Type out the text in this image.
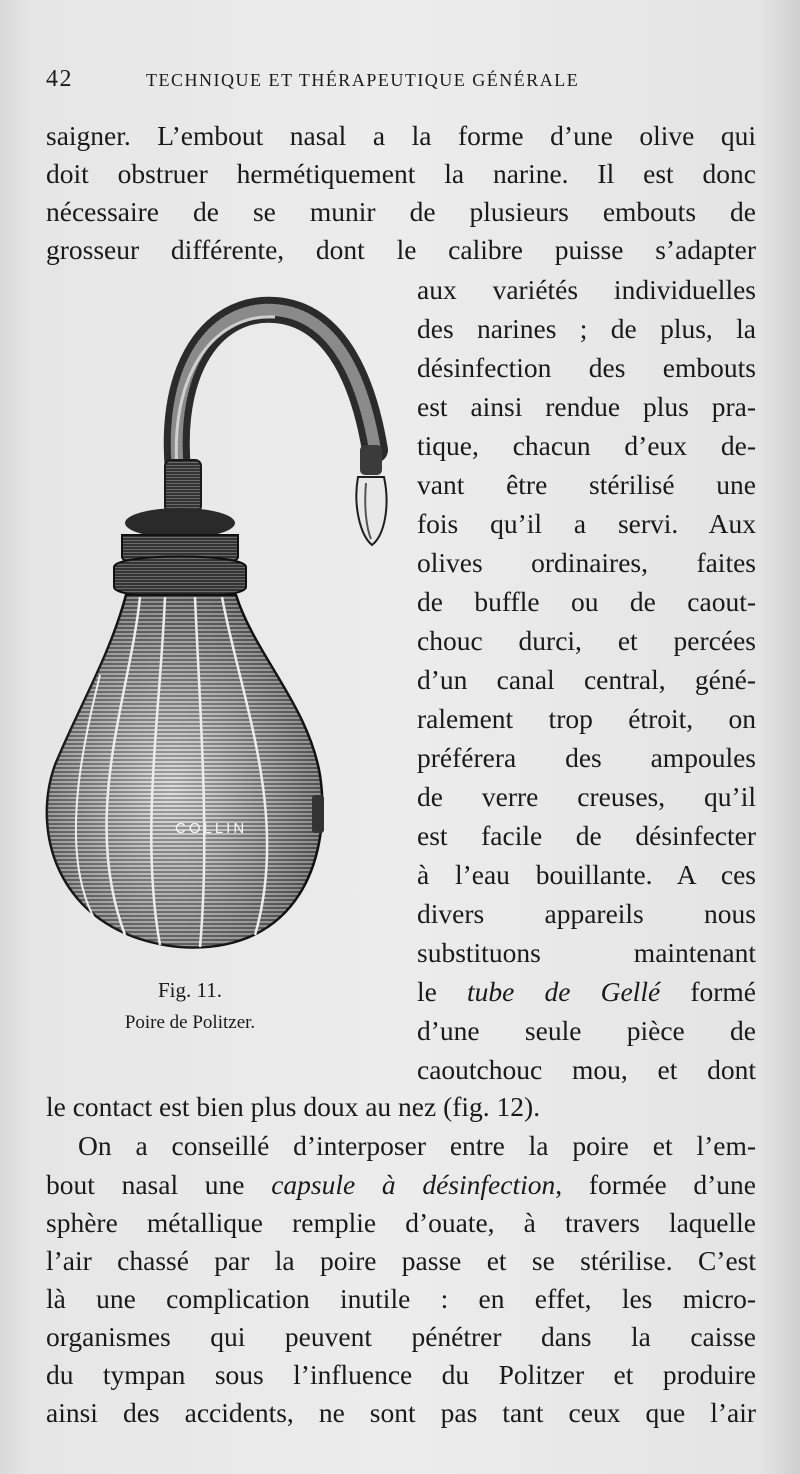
42	TECHNIQUE ET THÉRAPEUTIQUE GÉNÉRALE
saigner. L’embout nasal a la forme d’une olive qui
doit obstruer hermétiquement la narine. Il est donc
nécessaire de se munir de plusieurs embouts de
grosseur différente, dont le calibre puisse s’adapter
aux variétés individuelles
des narines ; de plus, la
désinfection des embouts
est ainsi rendue plus pra-
tique, chacun d’eux de-
vant être stérilisé une
fois qu’il a servi. Aux
olives ordinaires, faites
de buffle ou de caout-
chouc durci, et percées
d’un canal central, géné-
ralement trop étroit, on
préférera des ampoules
de verre creuses, qu’il
est facile de désinfecter
à l’eau bouillante. A ces
divers appareils nous
substituons maintenant
le tube de Gellé formé
d’une seule pièce de
caoutchouc mou, et dont
le contact est bien plus doux au nez (fig. 12).
On a conseillé d’interposer entre la poire et l’em-
bout nasal une capsule à désinfection, formée d’une
sphère métallique remplie d’ouate, à travers laquelle
l’air chassé par la poire passe et se stérilise. C’est
là une complication inutile : en effet, les micro-
organismes qui peuvent pénétrer dans la caisse
du tympan sous l’influence du Politzer et produire
ainsi des accidents, ne sont pas tant ceux que l’air
COLLIN
Fig. 11.
Poire de Politzer.
